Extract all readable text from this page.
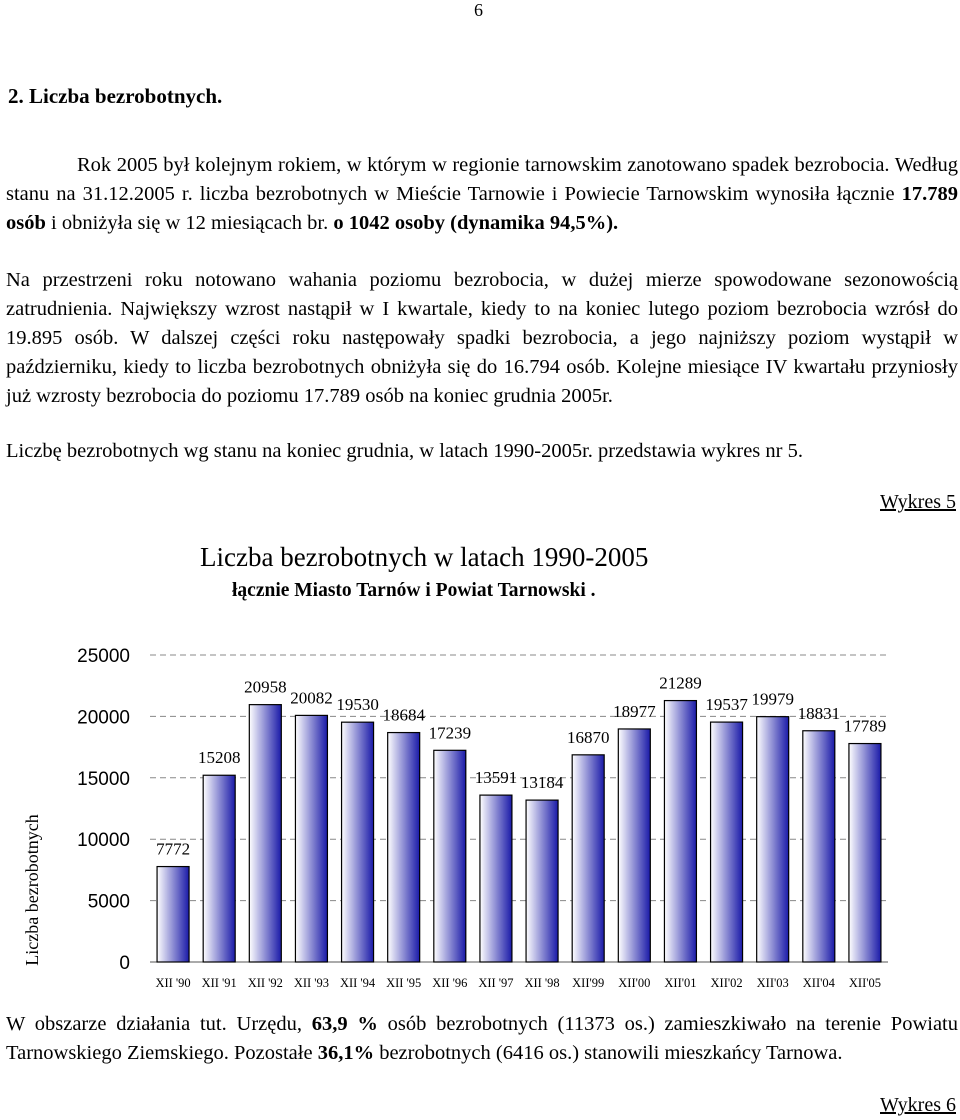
6
2. Liczba bezrobotnych.

Rok 2005 był kolejnym rokiem, w którym w regionie tarnowskim zanotowano spadek bezrobocia. Według stanu na 31.12.2005 r. liczba bezrobotnych w Mieście Tarnowie i Powiecie Tarnowskim wynosiła łącznie 17.789 osób i obniżyła się w 12 miesiącach br. o 1042 osoby (dynamika 94,5%).

Na przestrzeni roku notowano wahania poziomu bezrobocia, w dużej mierze spowodowane sezonowością zatrudnienia. Największy wzrost nastąpił w I kwartale, kiedy to na koniec lutego poziom bezrobocia wzrósł do 19.895 osób. W dalszej części roku następowały spadki bezrobocia, a jego najniższy poziom wystąpił w październiku, kiedy to liczba bezrobotnych obniżyła się do 16.794 osób. Kolejne miesiące IV kwartału przyniosły już wzrosty bezrobocia do poziomu 17.789 osób na koniec grudnia 2005r.

Liczbę bezrobotnych wg stanu na koniec grudnia, w latach 1990-2005r. przedstawia wykres nr 5.

Wykres 5
Liczba bezrobotnych w latach 1990-2005
łącznie Miasto Tarnów i Powiat Tarnowski .
0
5000
10000
15000
20000
25000
XII '90 XII '91 XII '92 XII '93 XII '94 XII '95 XII '96 XII '97 XII '98 XII'99 XII'00 XII'01 XII'02 XII'03 XII'04 XII'05
7772
15208
20958
20082 19530
18684
17239
13591 13184
16870
18977
21289
19537 19979
18831
17789
Liczba bezrobotnych

W obszarze działania tut. Urzędu, 63,9 % osób bezrobotnych (11373 os.) zamieszkiwało na terenie Powiatu Tarnowskiego Ziemskiego. Pozostałe 36,1% bezrobotnych (6416 os.) stanowili mieszkańcy Tarnowa.

Wykres 6
